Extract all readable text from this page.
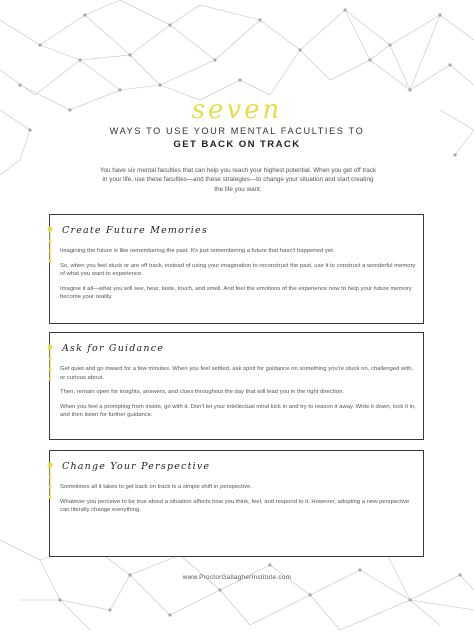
seven
WAYS TO USE YOUR MENTAL FACULTIES TO
GET BACK ON TRACK
You have six mental faculties that can help you reach your highest potential. When you get off track in your life, use these faculties—and these strategies—to change your situation and start creating the life you want.
Create Future Memories

Imagining the future is like remembering the past. It's just remembering a future that hasn't happened yet.

So, when you feel stuck or are off track, instead of using your imagination to reconstruct the past, use it to construct a wonderful memory of what you want to experience.

Imagine it all—what you will see, hear, taste, touch, and smell. And feel the emotions of the experience now to help your future memory become your reality.

Ask for Guidance

Get quiet and go inward for a few minutes. When you feel settled, ask spirit for guidance on something you're stuck on, challenged with, or curious about.

Then, remain open for insights, answers, and clues throughout the day that will lead you in the right direction.

When you feel a prompting from inside, go with it. Don't let your intellectual mind kick in and try to reason it away. Write it down, lock it in, and then listen for further guidance.

Change Your Perspective

Sometimes all it takes to get back on track is a simple shift in perspective.

Whatever you perceive to be true about a situation affects how you think, feel, and respond to it. However, adopting a new perspective can literally change everything.

www.ProctorGallagherInstitute.com
